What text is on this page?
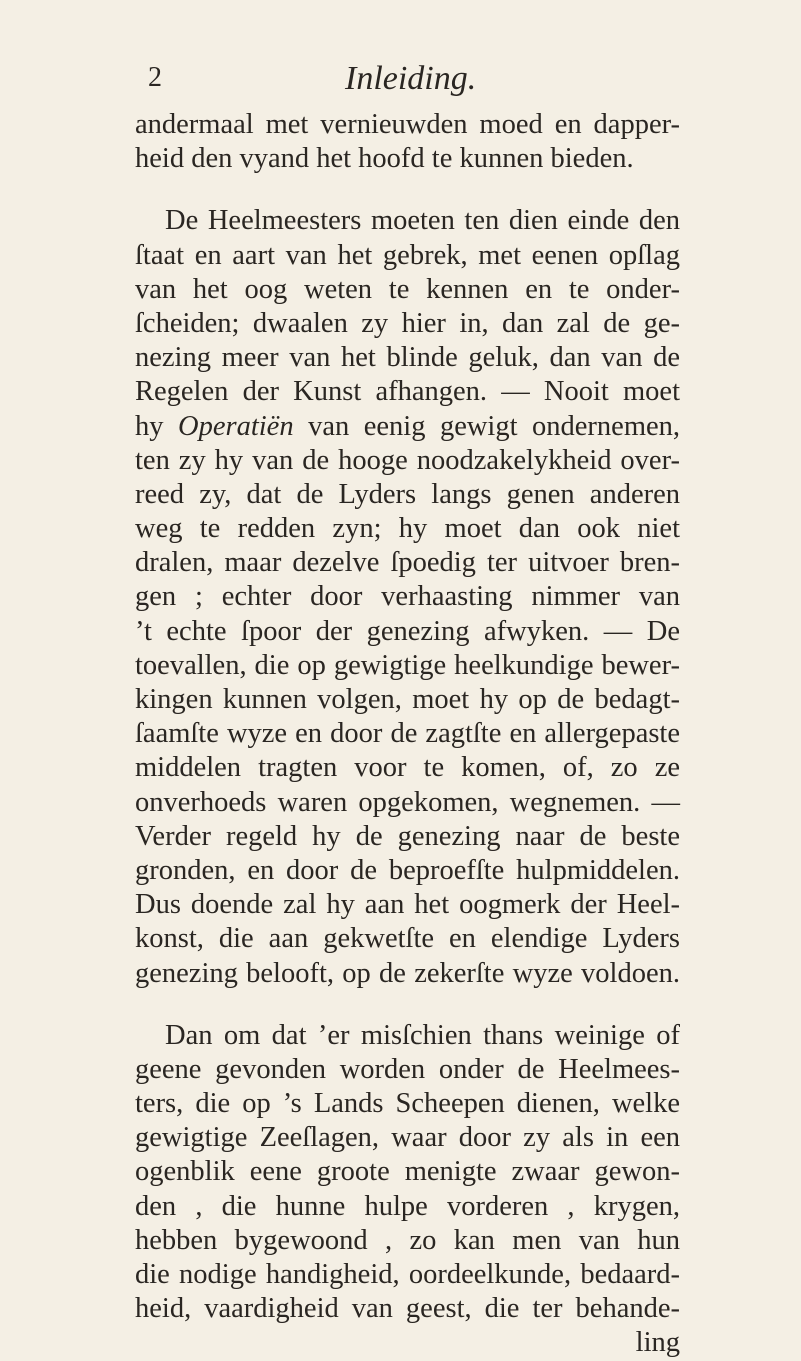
2	Inleiding.
andermaal met vernieuwden moed en dapper-
heid den vyand het hoofd te kunnen bieden.
De Heelmeesters moeten ten dien einde den
ſtaat en aart van het gebrek, met eenen opſlag
van het oog weten te kennen en te onder-
ſcheiden; dwaalen zy hier in, dan zal de ge-
nezing meer van het blinde geluk, dan van de
Regelen der Kunst afhangen. — Nooit moet
hy Operatiën van eenig gewigt ondernemen,
ten zy hy van de hooge noodzakelykheid over-
reed zy, dat de Lyders langs genen anderen
weg te redden zyn; hy moet dan ook niet
dralen, maar dezelve ſpoedig ter uitvoer bren-
gen ; echter door verhaasting nimmer van
’t echte ſpoor der genezing afwyken. — De
toevallen, die op gewigtige heelkundige bewer-
kingen kunnen volgen, moet hy op de bedagt-
ſaamſte wyze en door de zagtſte en allergepaste
middelen tragten voor te komen, of, zo ze
onverhoeds waren opgekomen, wegnemen. —
Verder regeld hy de genezing naar de beste
gronden, en door de beproefſte hulpmiddelen.
Dus doende zal hy aan het oogmerk der Heel-
konst, die aan gekwetſte en elendige Lyders
genezing belooft, op de zekerſte wyze voldoen.
Dan om dat ’er misſchien thans weinige of
geene gevonden worden onder de Heelmees-
ters, die op ’s Lands Scheepen dienen, welke
gewigtige Zeeſlagen, waar door zy als in een
ogenblik eene groote menigte zwaar gewon-
den , die hunne hulpe vorderen , krygen,
hebben bygewoond , zo kan men van hun
die nodige handigheid, oordeelkunde, bedaard-
heid, vaardigheid van geest, die ter behande-
ling
